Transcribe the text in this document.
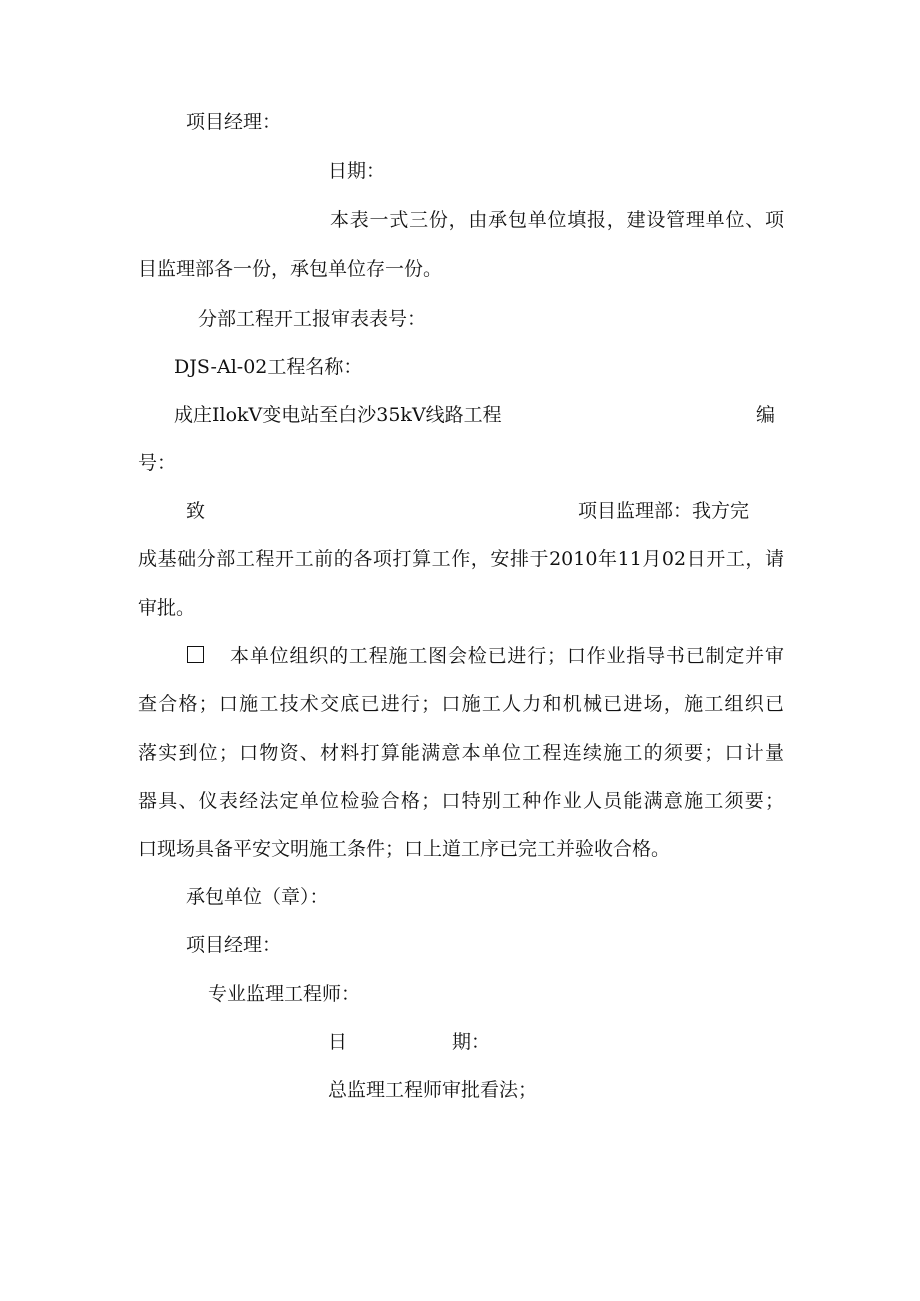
项目经理：
日期：
本表一式三份，由承包单位填报，建设管理单位、项
目监理部各一份，承包单位存一份。
分部工程开工报审表表号：
DJS-Al-02工程名称：
成庄IlokV变电站至白沙35kV线路工程	编
号：
致	项目监理部：我方完
成基础分部工程开工前的各项打算工作，安排于2010年11月02日开工，请
审批。
本单位组织的工程施工图会检已进行；口作业指导书已制定并审
查合格；口施工技术交底已进行；口施工人力和机械已进场，施工组织已
落实到位；口物资、材料打算能满意本单位工程连续施工的须要；口计量
器具、仪表经法定单位检验合格；口特别工种作业人员能满意施工须要；
口现场具备平安文明施工条件；口上道工序已完工并验收合格。
承包单位（章）：
项目经理：
专业监理工程师：
日	期：
总监理工程师审批看法；
